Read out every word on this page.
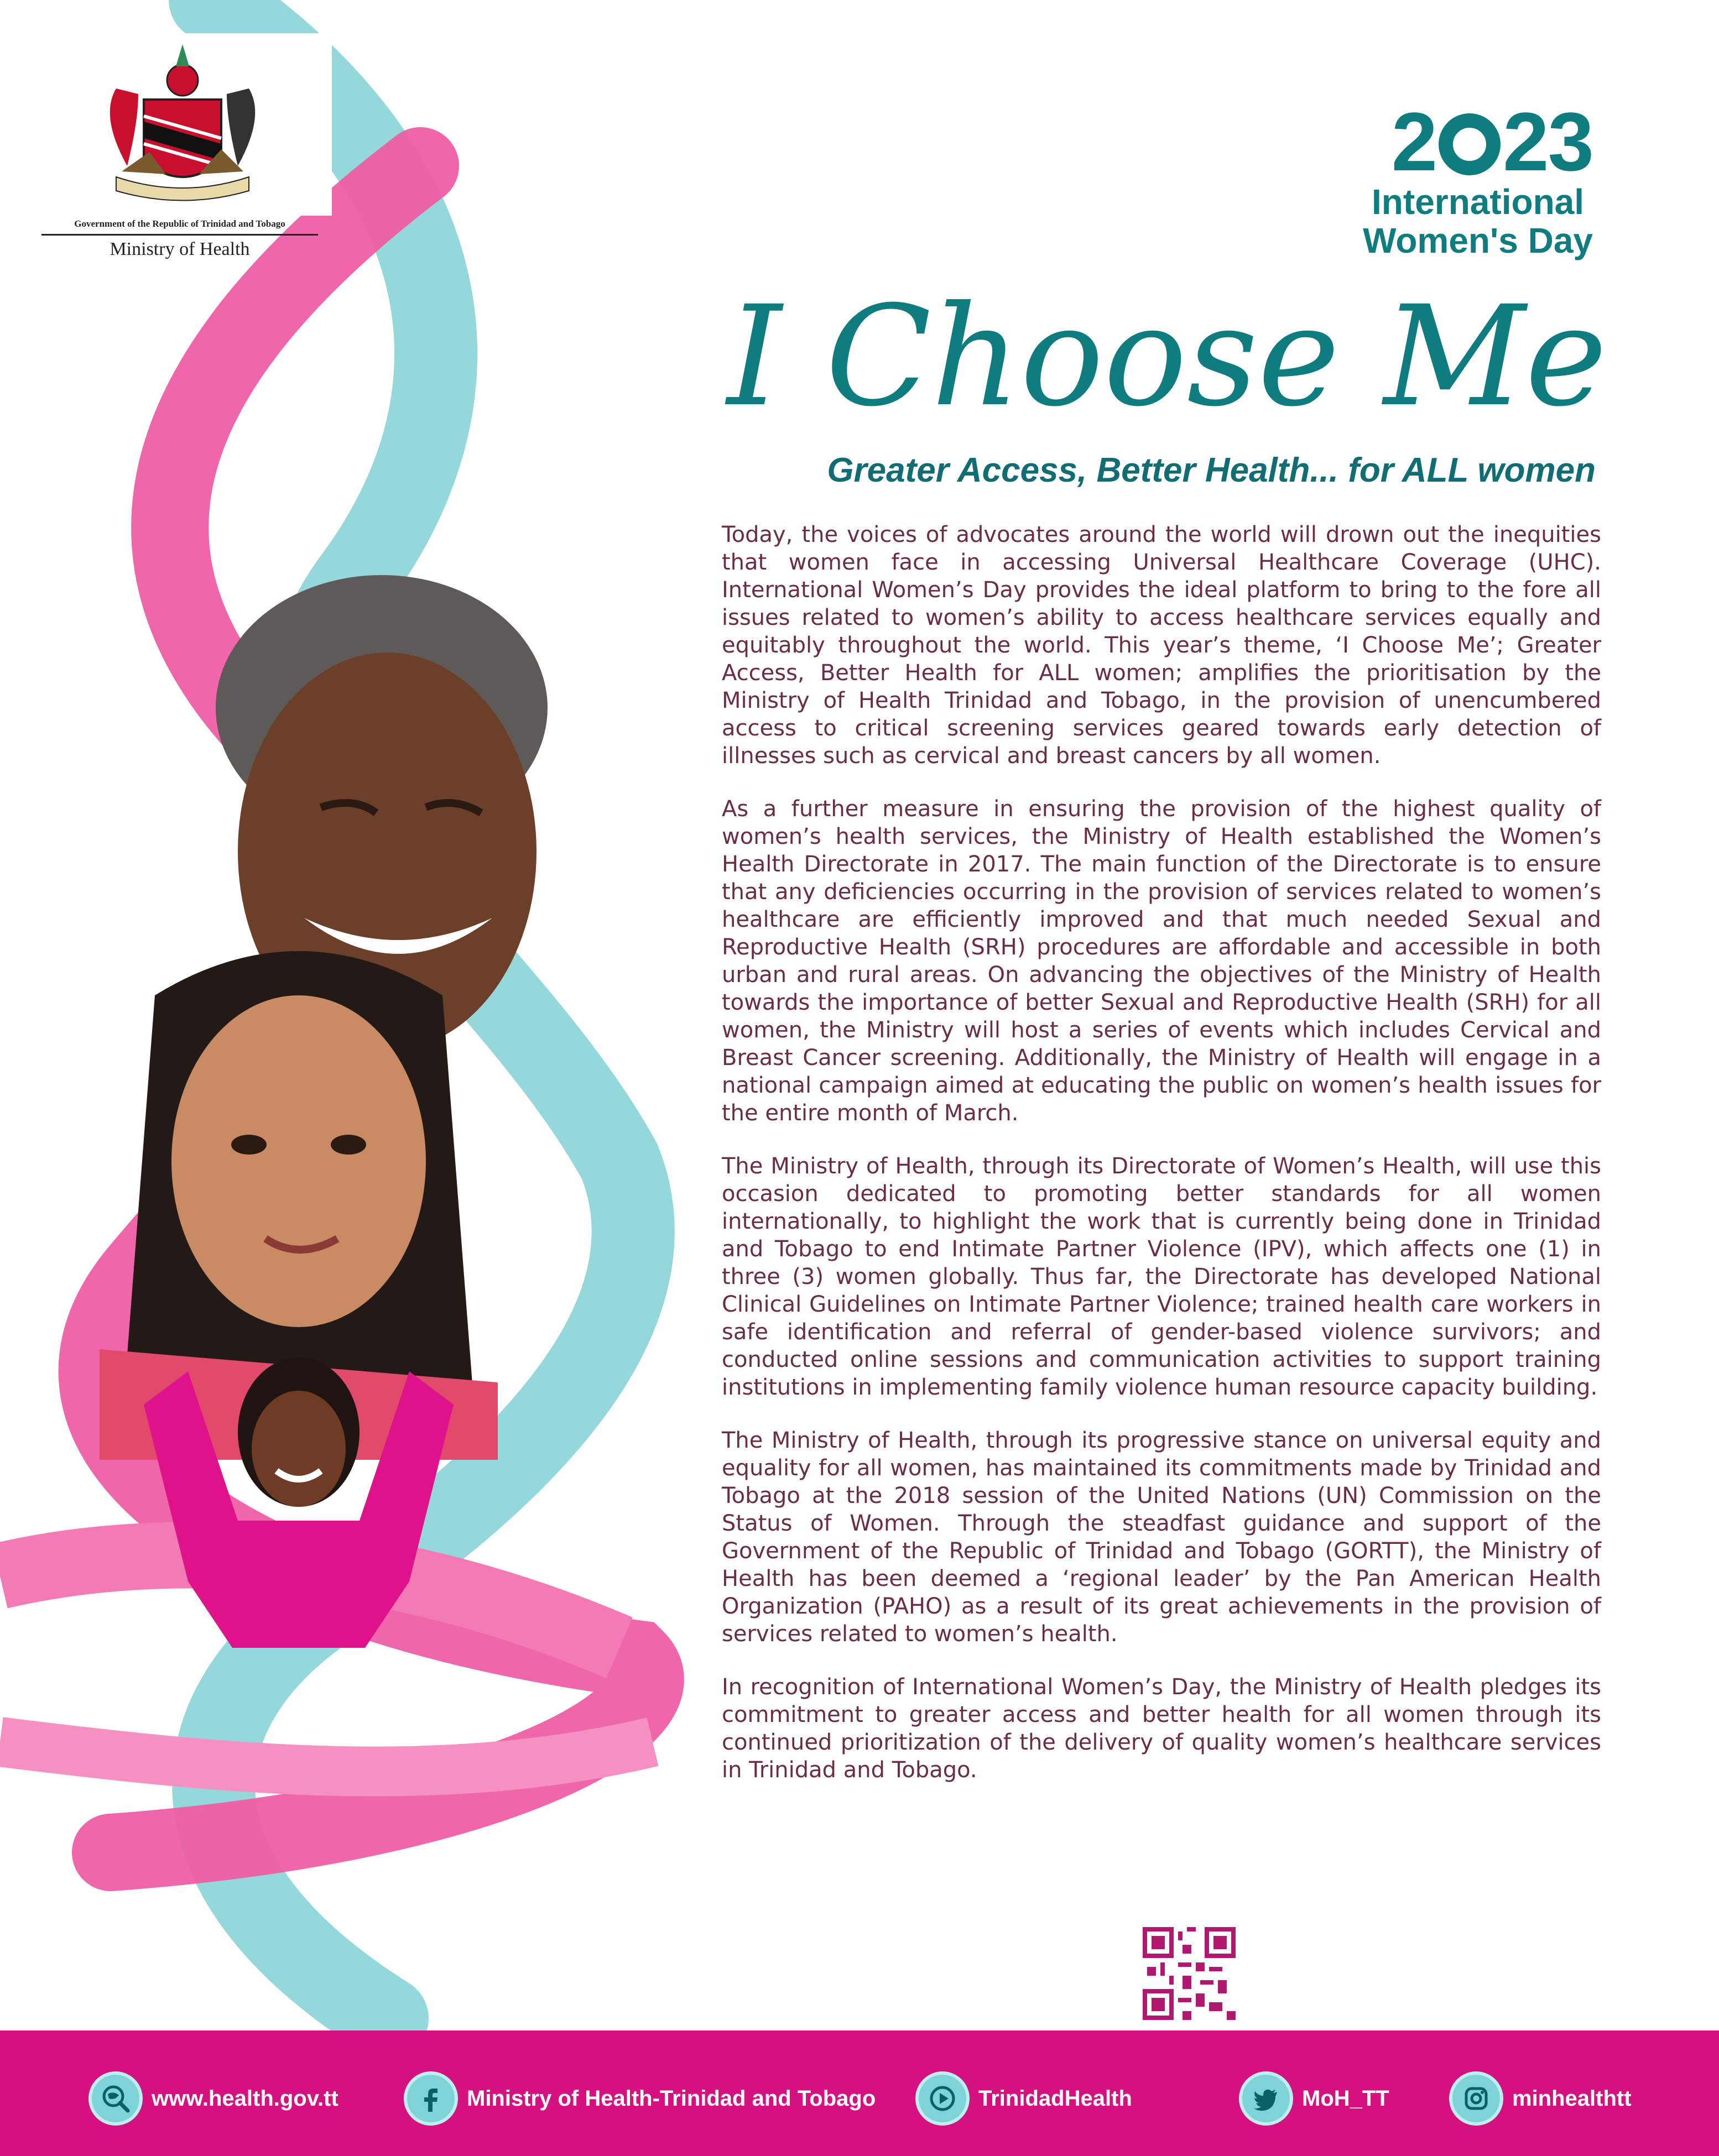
Government of the Republic of Trinidad and Tobago
Ministry of Health
2 23
International
Women's Day
I Choose Me
Greater Access, Better Health... for ALL women

Today, the voices of advocates around the world will drown out the inequities that women face in accessing Universal Healthcare Coverage (UHC). International Women’s Day provides the ideal platform to bring to the fore all issues related to women’s ability to access healthcare services equally and equitably throughout the world. This year’s theme, ‘I Choose Me’; Greater Access, Better Health for ALL women; amplifies the prioritisation by the Ministry of Health Trinidad and Tobago, in the provision of unencumbered access to critical screening services geared towards early detection of illnesses such as cervical and breast cancers by all women.

As a further measure in ensuring the provision of the highest quality of women’s health services, the Ministry of Health established the Women’s Health Directorate in 2017. The main function of the Directorate is to ensure that any deficiencies occurring in the provision of services related to women’s healthcare are efficiently improved and that much needed Sexual and Reproductive Health (SRH) procedures are affordable and accessible in both urban and rural areas. On advancing the objectives of the Ministry of Health towards the importance of better Sexual and Reproductive Health (SRH) for all women, the Ministry will host a series of events which includes Cervical and Breast Cancer screening. Additionally, the Ministry of Health will engage in a national campaign aimed at educating the public on women’s health issues for the entire month of March.

The Ministry of Health, through its Directorate of Women’s Health, will use this occasion dedicated to promoting better standards for all women internationally, to highlight the work that is currently being done in Trinidad and Tobago to end Intimate Partner Violence (IPV), which affects one (1) in three (3) women globally. Thus far, the Directorate has developed National Clinical Guidelines on Intimate Partner Violence; trained health care workers in safe identification and referral of gender-based violence survivors; and conducted online sessions and communication activities to support training institutions in implementing family violence human resource capacity building.

The Ministry of Health, through its progressive stance on universal equity and equality for all women, has maintained its commitments made by Trinidad and Tobago at the 2018 session of the United Nations (UN) Commission on the Status of Women. Through the steadfast guidance and support of the Government of the Republic of Trinidad and Tobago (GORTT), the Ministry of Health has been deemed a ‘regional leader’ by the Pan American Health Organization (PAHO) as a result of its great achievements in the provision of services related to women’s health.

In recognition of International Women’s Day, the Ministry of Health pledges its commitment to greater access and better health for all women through its continued prioritization of the delivery of quality women’s healthcare services in Trinidad and Tobago.

www.health.gov.tt	Ministry of Health-Trinidad and Tobago	TrinidadHealth	MoH_TT	minhealthtt
